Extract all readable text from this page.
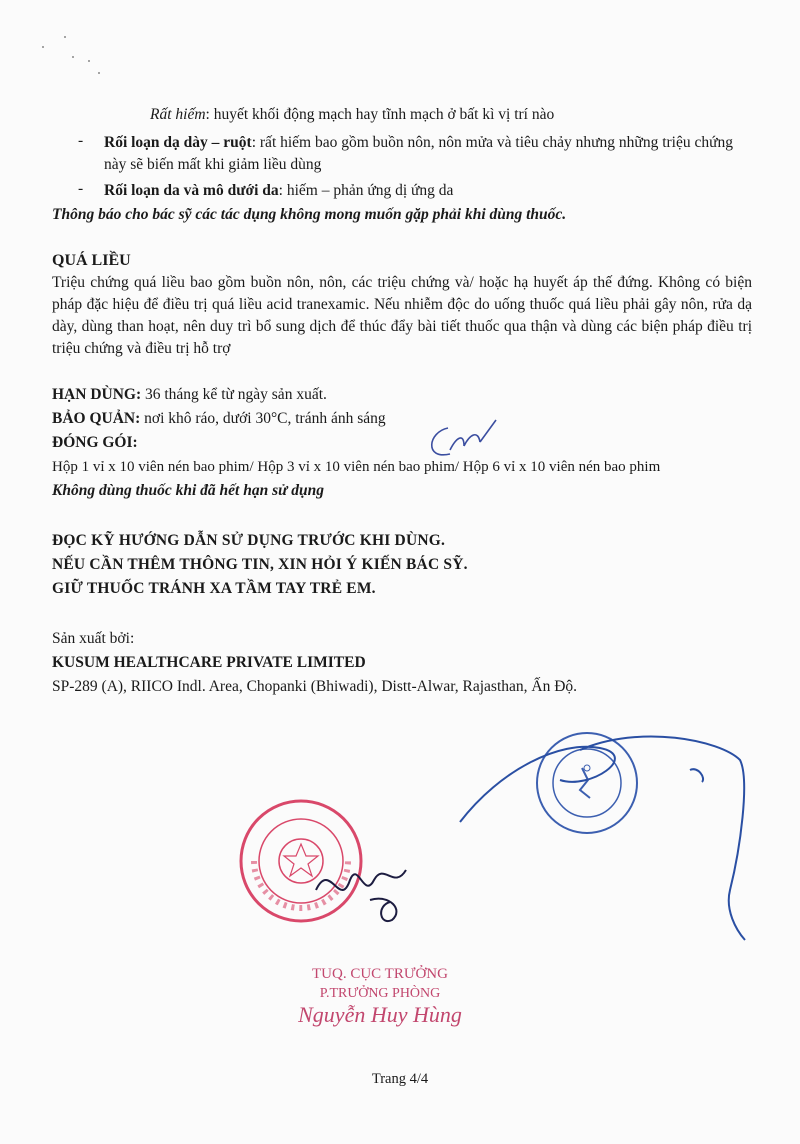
Rất hiếm: huyết khối động mạch hay tĩnh mạch ở bất kì vị trí nào
- Rối loạn dạ dày – ruột: rất hiếm bao gồm buồn nôn, nôn mửa và tiêu chảy nhưng những triệu chứng này sẽ biến mất khi giảm liều dùng
- Rối loạn da và mô dưới da: hiếm – phản ứng dị ứng da
Thông báo cho bác sỹ các tác dụng không mong muốn gặp phải khi dùng thuốc.
QUÁ LIỀU
Triệu chứng quá liều bao gồm buồn nôn, nôn, các triệu chứng và/ hoặc hạ huyết áp thế đứng. Không có biện pháp đặc hiệu để điều trị quá liều acid tranexamic. Nếu nhiễm độc do uống thuốc quá liều phải gây nôn, rửa dạ dày, dùng than hoạt, nên duy trì bổ sung dịch để thúc đẩy bài tiết thuốc qua thận và dùng các biện pháp điều trị triệu chứng và điều trị hỗ trợ
HẠN DÙNG: 36 tháng kể từ ngày sản xuất.
BẢO QUẢN: nơi khô ráo, dưới 30°C, tránh ánh sáng
ĐÓNG GÓI:
Hộp 1 vỉ x 10 viên nén bao phim/ Hộp 3 vỉ x 10 viên nén bao phim/ Hộp 6 vỉ x 10 viên nén bao phim
Không dùng thuốc khi đã hết hạn sử dụng
ĐỌC KỸ HƯỚNG DẪN SỬ DỤNG TRƯỚC KHI DÙNG.
NẾU CẦN THÊM THÔNG TIN, XIN HỎI Ý KIẾN BÁC SỸ.
GIỮ THUỐC TRÁNH XA TẦM TAY TRẺ EM.
Sản xuất bởi:
KUSUM HEALTHCARE PRIVATE LIMITED
SP-289 (A), RIICO Indl. Area, Chopanki (Bhiwadi), Distt-Alwar, Rajasthan, Ấn Độ.
TUQ. CỤC TRƯỞNG
P.TRƯỞNG PHÒNG
Nguyễn Huy Hùng
Trang 4/4
